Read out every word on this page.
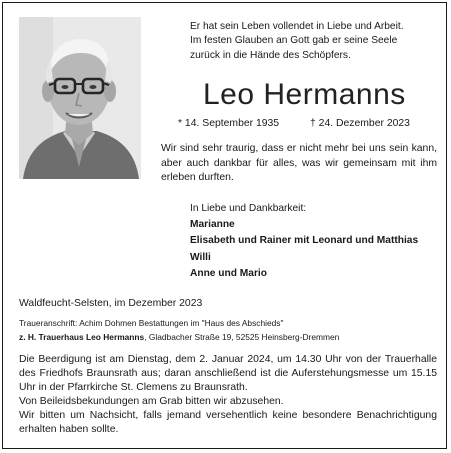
Er hat sein Leben vollendet in Liebe und Arbeit.
Im festen Glauben an Gott gab er seine Seele
zurück in die Hände des Schöpfers.
Leo Hermanns
* 14. September 1935	† 24. Dezember 2023
Wir sind sehr traurig, dass er nicht mehr bei uns sein kann, aber auch dankbar für alles, was wir gemeinsam mit ihm erleben durften.
In Liebe und Dankbarkeit:
Marianne
Elisabeth und Rainer mit Leonard und Matthias
Willi
Anne und Mario
Waldfeucht-Selsten, im Dezember 2023
Traueranschrift: Achim Dohmen Bestattungen im "Haus des Abschieds"
z. H. Trauerhaus Leo Hermanns, Gladbacher Straße 19, 52525 Heinsberg-Dremmen
Die Beerdigung ist am Dienstag, dem 2. Januar 2024, um 14.30 Uhr von der Trauerhalle des Friedhofs Braunsrath aus; daran anschließend ist die Auferstehungsmesse um 15.15 Uhr in der Pfarrkirche St. Clemens zu Braunsrath.
Von Beileidsbekundungen am Grab bitten wir abzusehen.
Wir bitten um Nachsicht, falls jemand versehentlich keine besondere Benachrichtigung erhalten haben sollte.
